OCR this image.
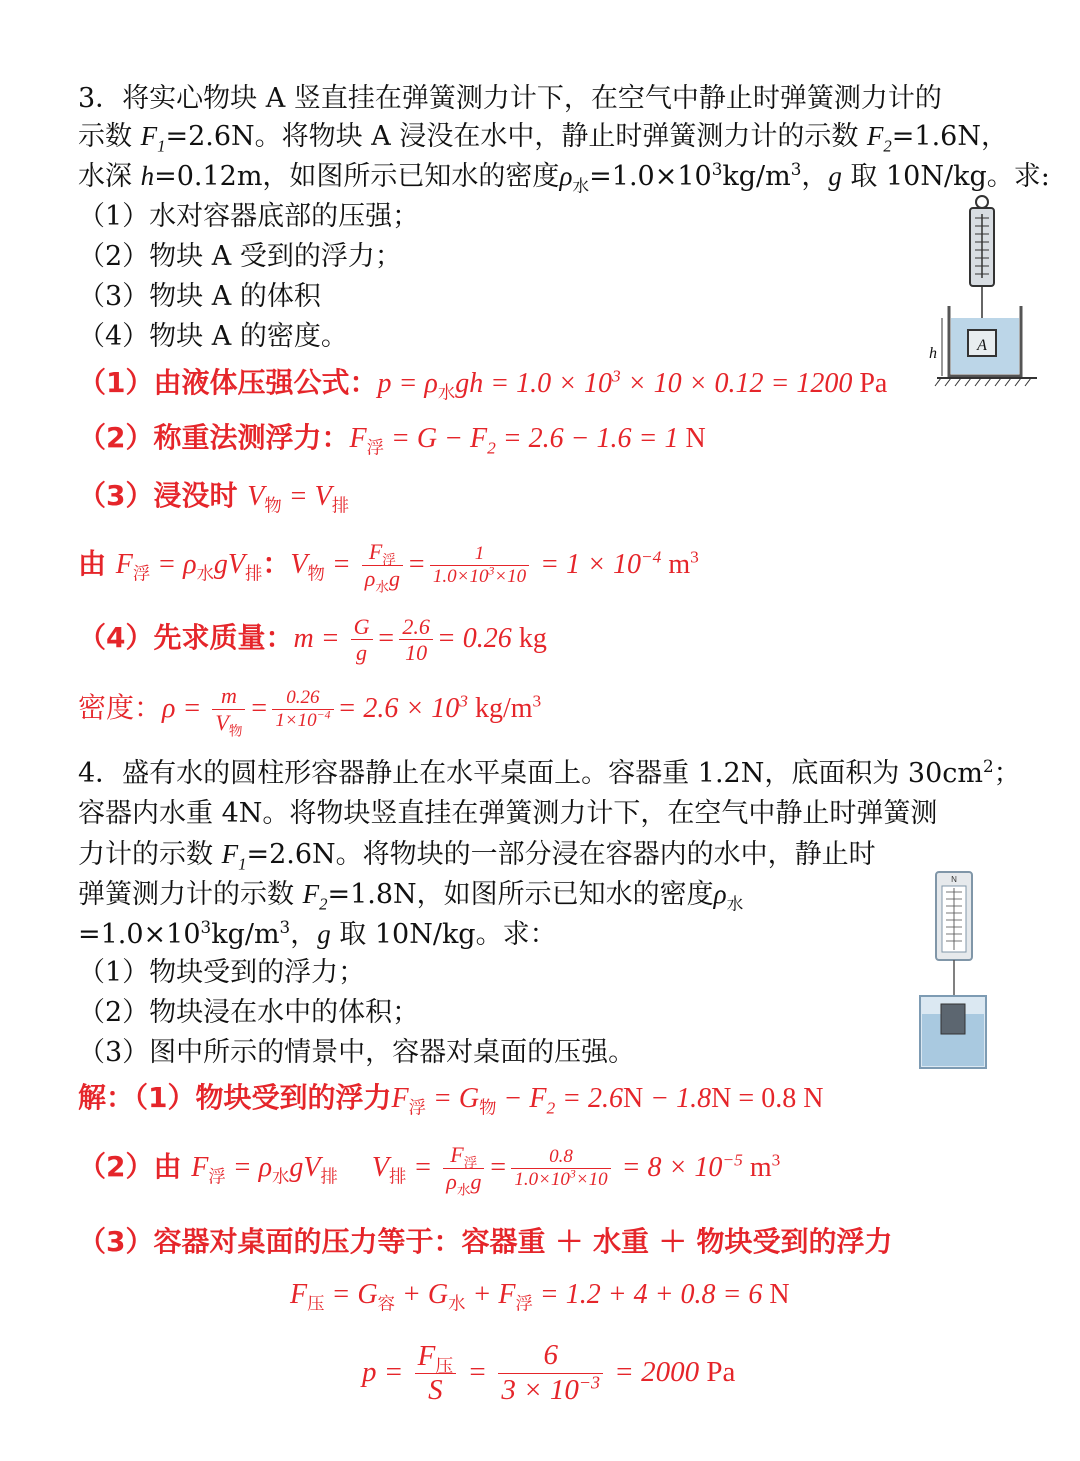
3．将实心物块 A 竖直挂在弹簧测力计下，在空气中静止时弹簧测力计的
示数 $F_1=2.6N$。将物块 A 浸没在水中，静止时弹簧测力计的示数 $F_2=1.6N$，
水深 h=0.12m，如图所示已知水的密度$\rho_水=1.0\times 10^3kg/m^3$，g 取 10N/kg。求:
（1）水对容器底部的压强；
（2）物块 A 受到的浮力；
（3）物块 A 的体积
（4）物块 A 的密度。	A
h
（1）由液体压强公式：$p = \rho_水gh = 1.0 \times 10^3 \times 10 \times 0.12 = 1200$ Pa
（2）称重法测浮力：$F_浮 = G - F_2 = 2.6 - 1.6 = 1$ N
（3）浸没时 $V_物 = V_排$
由 $F_浮 = \rho_水gV_排$：$V_物 = \frac{F_浮}{\rho_水g} = \frac{1}{1.0\times 10^3\times 10} = 1 \times 10^{-4}$ $m^3$
（4）先求质量：$m = \frac{G}{g} = \frac{2.6}{10} = 0.26$ kg
密度：$\rho = \frac{m}{V_物} = \frac{0.26}{1\times 10^{-4}} = 2.6 \times 10^3$ $kg/m^3$
4．盛有水的圆柱形容器静止在水平桌面上。容器重 1.2N，底面积为 $30cm^2$；
容器内水重 4N。将物块竖直挂在弹簧测力计下，在空气中静止时弹簧测
力计的示数 $F_1=2.6N$。将物块的一部分浸在容器内的水中，静止时
弹簧测力计的示数 $F_2=1.8N$，如图所示已知水的密度$\rho_水$
$=1.0\times 10^3kg/m^3$，g 取 10N/kg。求：
（1）物块受到的浮力；
（2）物块浸在水中的体积；
（3）图中所示的情景中，容器对桌面的压强。
N
解：（1）物块受到的浮力$F_浮 = G_物 - F_2 = 2.6N - 1.8N = 0.8$ N
（2）由 $F_浮 = \rho_水gV_排$ $V_排 = \frac{F_浮}{\rho_水g} = \frac{0.8}{1.0\times 10^3\times 10} = 8 \times 10^{-5}$ $m^3$
（3）容器对桌面的压力等于：容器重 ＋ 水重 ＋ 物块受到的浮力
$F_压 = G_容 + G_水 + F_浮 = 1.2 + 4 + 0.8 = 6$ N
$p = \frac{F_压}{S} = \frac{6}{3 \times 10^{-3}} = 2000$ Pa
